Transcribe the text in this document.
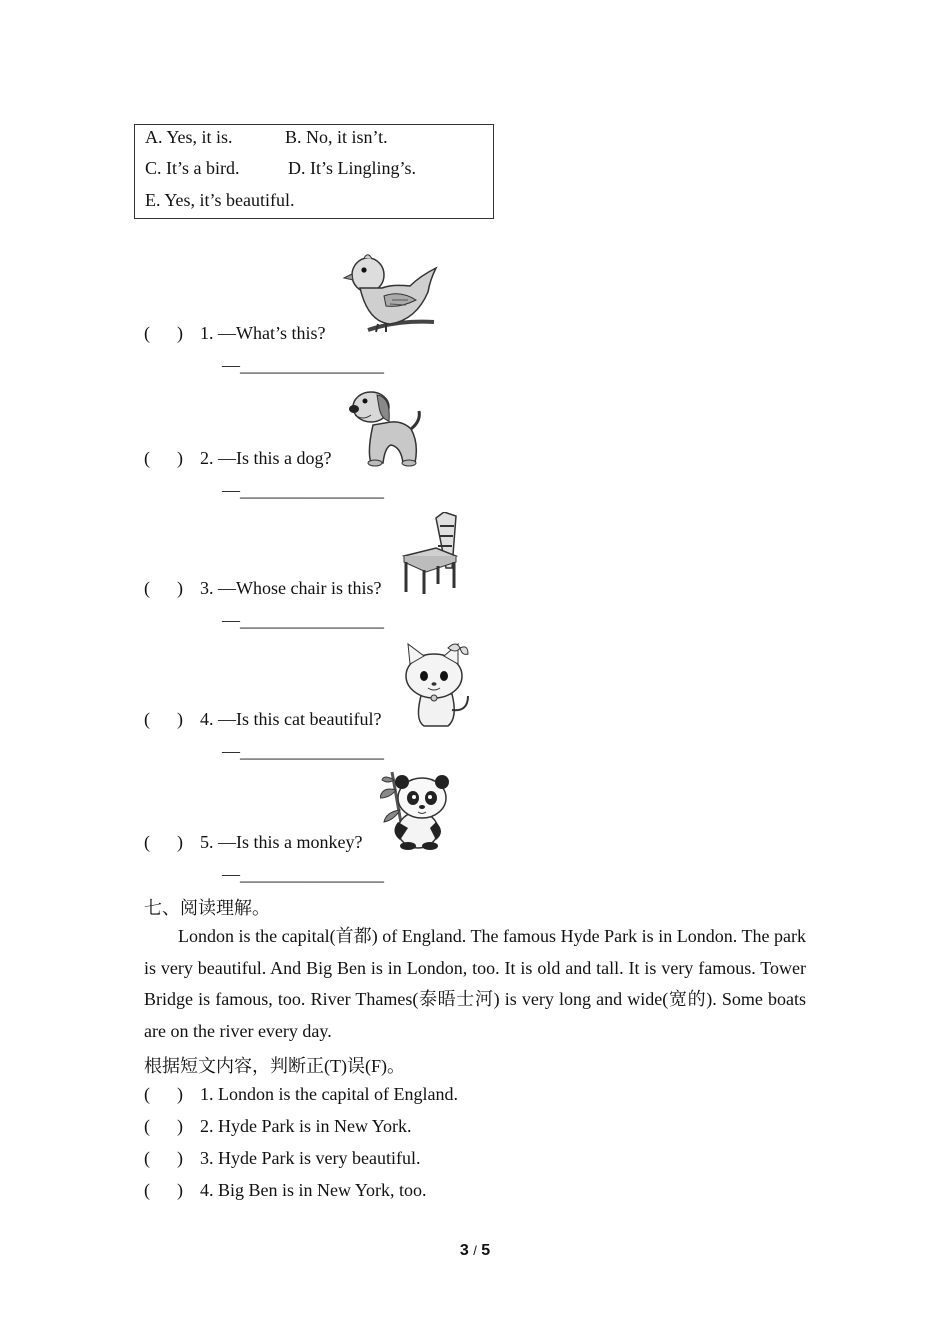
A. Yes, it is.	B. No, it isn’t.
C. It’s a bird.	D. It’s Lingling’s.
E. Yes, it’s beautiful.
(      ) 1. —What’s this?
—________________
(      ) 2. —Is this a dog?
—________________
(      ) 3. —Whose chair is this?
—________________
(      ) 4. —Is this cat beautiful?
—________________
(      ) 5. —Is this a monkey?
—________________
七、阅读理解。
London is the capital(首都) of England. The famous Hyde Park is in London. The park is very beautiful. And Big Ben is in London, too. It is old and tall. It is very famous. Tower Bridge is famous, too. River Thames(泰晤士河) is very long and wide(宽的). Some boats are on the river every day.
根据短文内容，判断正(T)误(F)。
(      ) 1. London is the capital of England.
(      ) 2. Hyde Park is in New York.
(      ) 3. Hyde Park is very beautiful.
(      ) 4. Big Ben is in New York, too.
3 / 5
